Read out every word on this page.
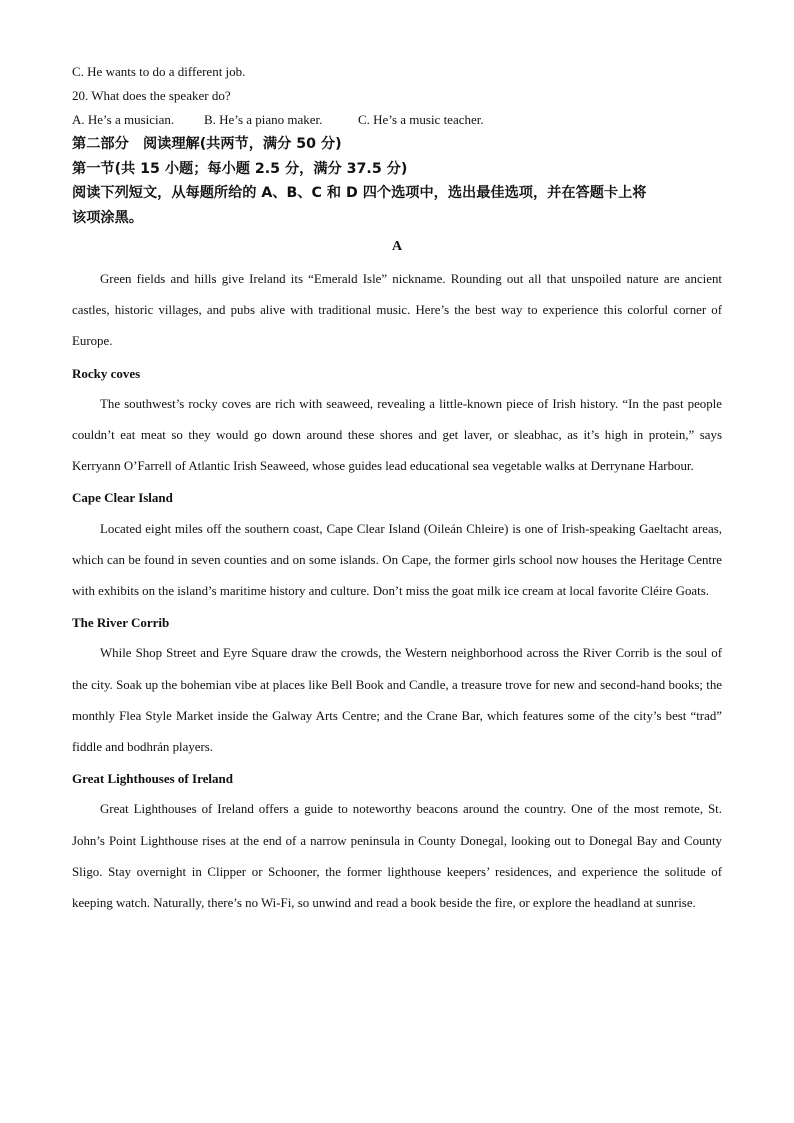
C. He wants to do a different job.
20. What does the speaker do?
A. He’s a musician.	B. He’s a piano maker.	C. He’s a music teacher.
第二部分　阅读理解(共两节，满分 50 分)
第一节(共 15 小题；每小题 2.5 分，满分 37.5 分)
阅读下列短文，从每题所给的 A、B、C 和 D 四个选项中，选出最佳选项，并在答题卡上将
该项涂黑。
A

Green fields and hills give Ireland its “Emerald Isle” nickname. Rounding out all that unspoiled nature are ancient castles, historic villages, and pubs alive with traditional music. Here’s the best way to experience this colorful corner of Europe.

Rocky coves

The southwest’s rocky coves are rich with seaweed, revealing a little-known piece of Irish history. “In the past people couldn’t eat meat so they would go down around these shores and get laver, or sleabhac, as it’s high in protein,” says Kerryann O’Farrell of Atlantic Irish Seaweed, whose guides lead educational sea vegetable walks at Derrynane Harbour.

Cape Clear Island

Located eight miles off the southern coast, Cape Clear Island (Oileán Chleire) is one of Irish-speaking Gaeltacht areas, which can be found in seven counties and on some islands. On Cape, the former girls school now houses the Heritage Centre with exhibits on the island’s maritime history and culture. Don’t miss the goat milk ice cream at local favorite Cléire Goats.

The River Corrib

While Shop Street and Eyre Square draw the crowds, the Western neighborhood across the River Corrib is the soul of the city. Soak up the bohemian vibe at places like Bell Book and Candle, a treasure trove for new and second-hand books; the monthly Flea Style Market inside the Galway Arts Centre; and the Crane Bar, which features some of the city’s best “trad” fiddle and bodhrán players.

Great Lighthouses of Ireland

Great Lighthouses of Ireland offers a guide to noteworthy beacons around the country. One of the most remote, St. John’s Point Lighthouse rises at the end of a narrow peninsula in County Donegal, looking out to Donegal Bay and County Sligo. Stay overnight in Clipper or Schooner, the former lighthouse keepers’ residences, and experience the solitude of keeping watch. Naturally, there’s no Wi-Fi, so unwind and read a book beside the fire, or explore the headland at sunrise.
